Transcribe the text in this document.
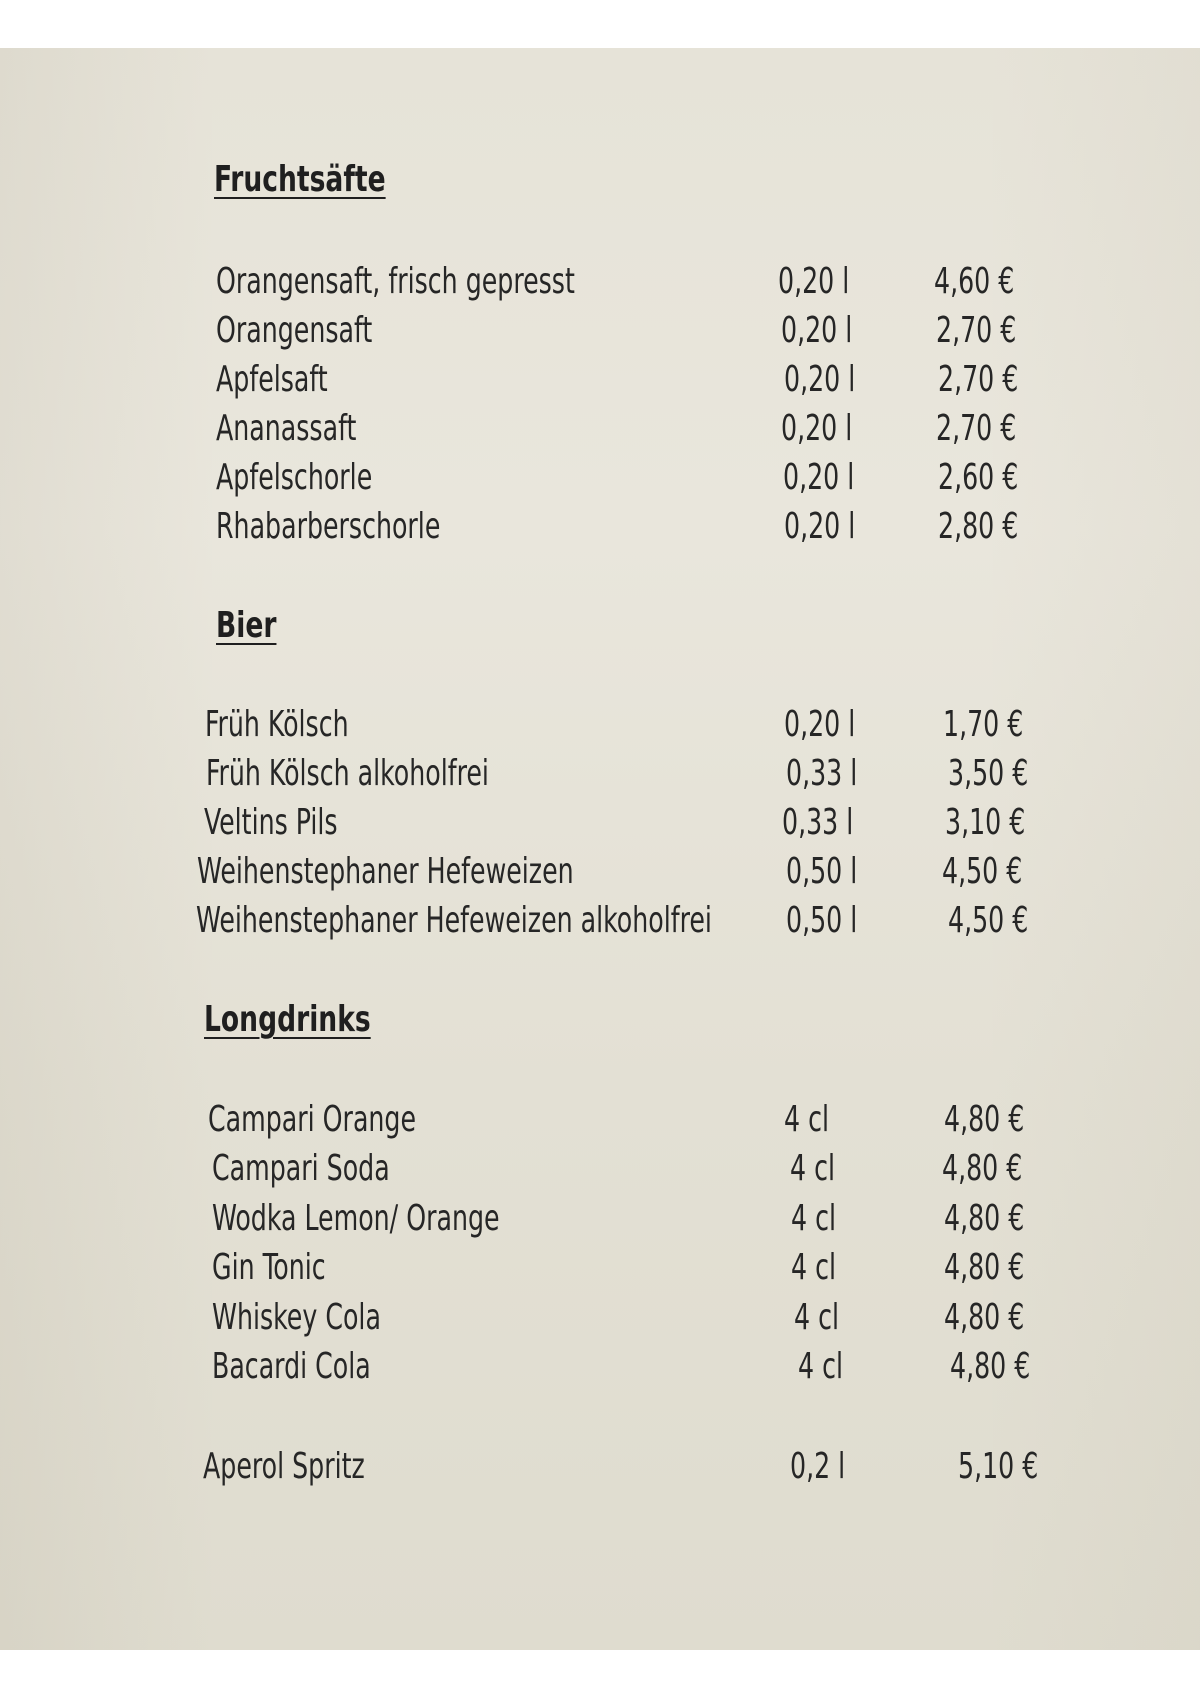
Fruchtsäfte
Orangensaft, frisch gepresst	0,20 l 4,60 €
Orangensaft	0,20 l 2,70 €
Apfelsaft	0,20 l 2,70 €
Ananassaft	0,20 l 2,70 €
Apfelschorle	0,20 l 2,60 €
Rhabarberschorle	0,20 l 2,80 €
Bier
Früh Kölsch	0,20 l 1,70 €
Früh Kölsch alkoholfrei	0,33 l	3,50 €
Veltins Pils	0,33 l	3,10 €
Weihenstephaner Hefeweizen	0,50 l 4,50 €
Weihenstephaner Hefeweizen alkoholfrei 0,50 l	4,50 €
Longdrinks
Campari Orange	4 cl	4,80 €
Campari Soda	4 cl	4,80 €
Wodka Lemon/ Orange	4 cl	4,80 €
Gin Tonic	4 cl	4,80 €
Whiskey Cola	4 cl	4,80 €
Bacardi Cola	4 cl	4,80 €
Aperol Spritz	0,2 l	5,10 €
